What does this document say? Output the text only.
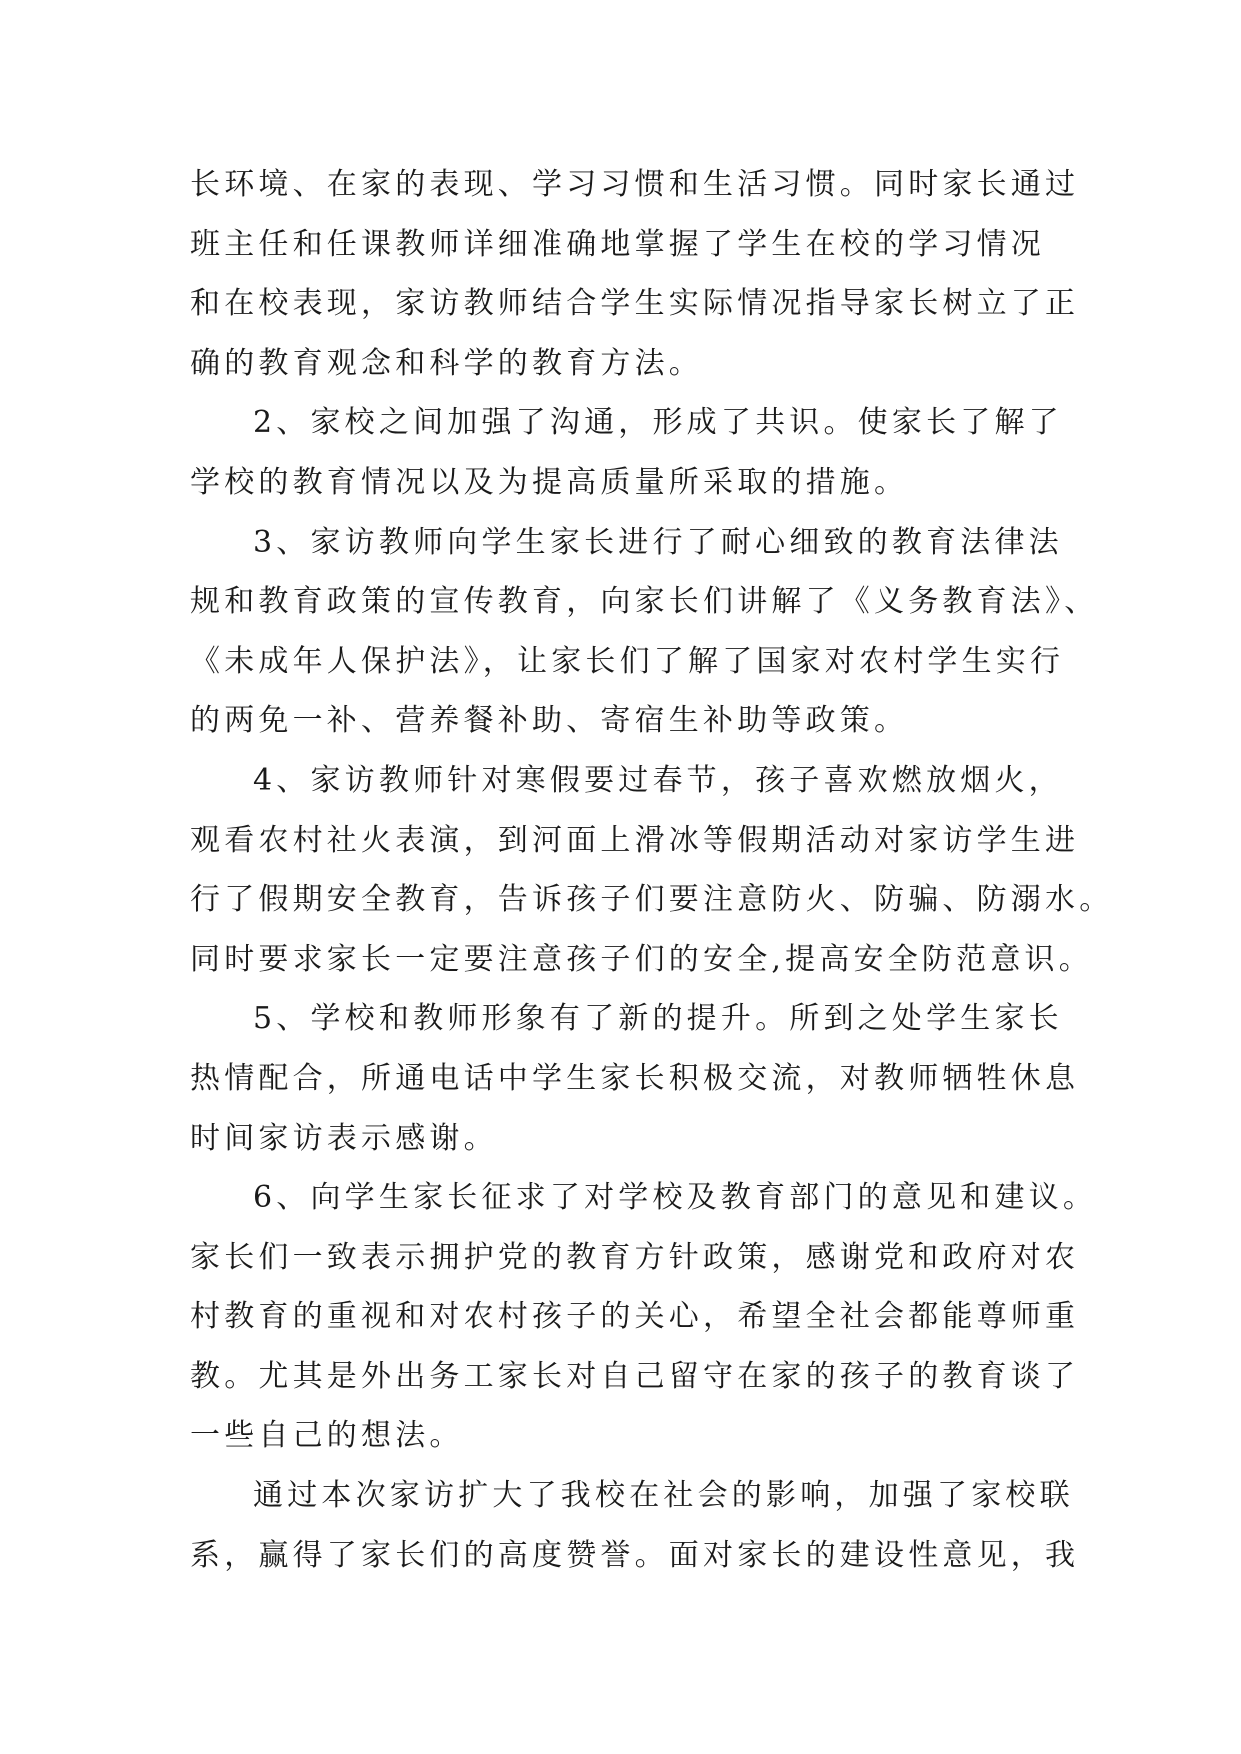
长环境、在家的表现、学习习惯和生活习惯。同时家长通过
班主任和任课教师详细准确地掌握了学生在校的学习情况
和在校表现，家访教师结合学生实际情况指导家长树立了正
确的教育观念和科学的教育方法。
2、家校之间加强了沟通，形成了共识。使家长了解了
学校的教育情况以及为提高质量所采取的措施。
3、家访教师向学生家长进行了耐心细致的教育法律法
规和教育政策的宣传教育，向家长们讲解了《义务教育法》、
《未成年人保护法》，让家长们了解了国家对农村学生实行
的两免一补、营养餐补助、寄宿生补助等政策。
4、家访教师针对寒假要过春节，孩子喜欢燃放烟火，
观看农村社火表演，到河面上滑冰等假期活动对家访学生进
行了假期安全教育，告诉孩子们要注意防火、防骗、防溺水。
同时要求家长一定要注意孩子们的安全,提高安全防范意识。
5、学校和教师形象有了新的提升。所到之处学生家长
热情配合，所通电话中学生家长积极交流，对教师牺牲休息
时间家访表示感谢。
6、向学生家长征求了对学校及教育部门的意见和建议。
家长们一致表示拥护党的教育方针政策，感谢党和政府对农
村教育的重视和对农村孩子的关心，希望全社会都能尊师重
教。尤其是外出务工家长对自己留守在家的孩子的教育谈了
一些自己的想法。
通过本次家访扩大了我校在社会的影响，加强了家校联
系，赢得了家长们的高度赞誉。面对家长的建设性意见，我
